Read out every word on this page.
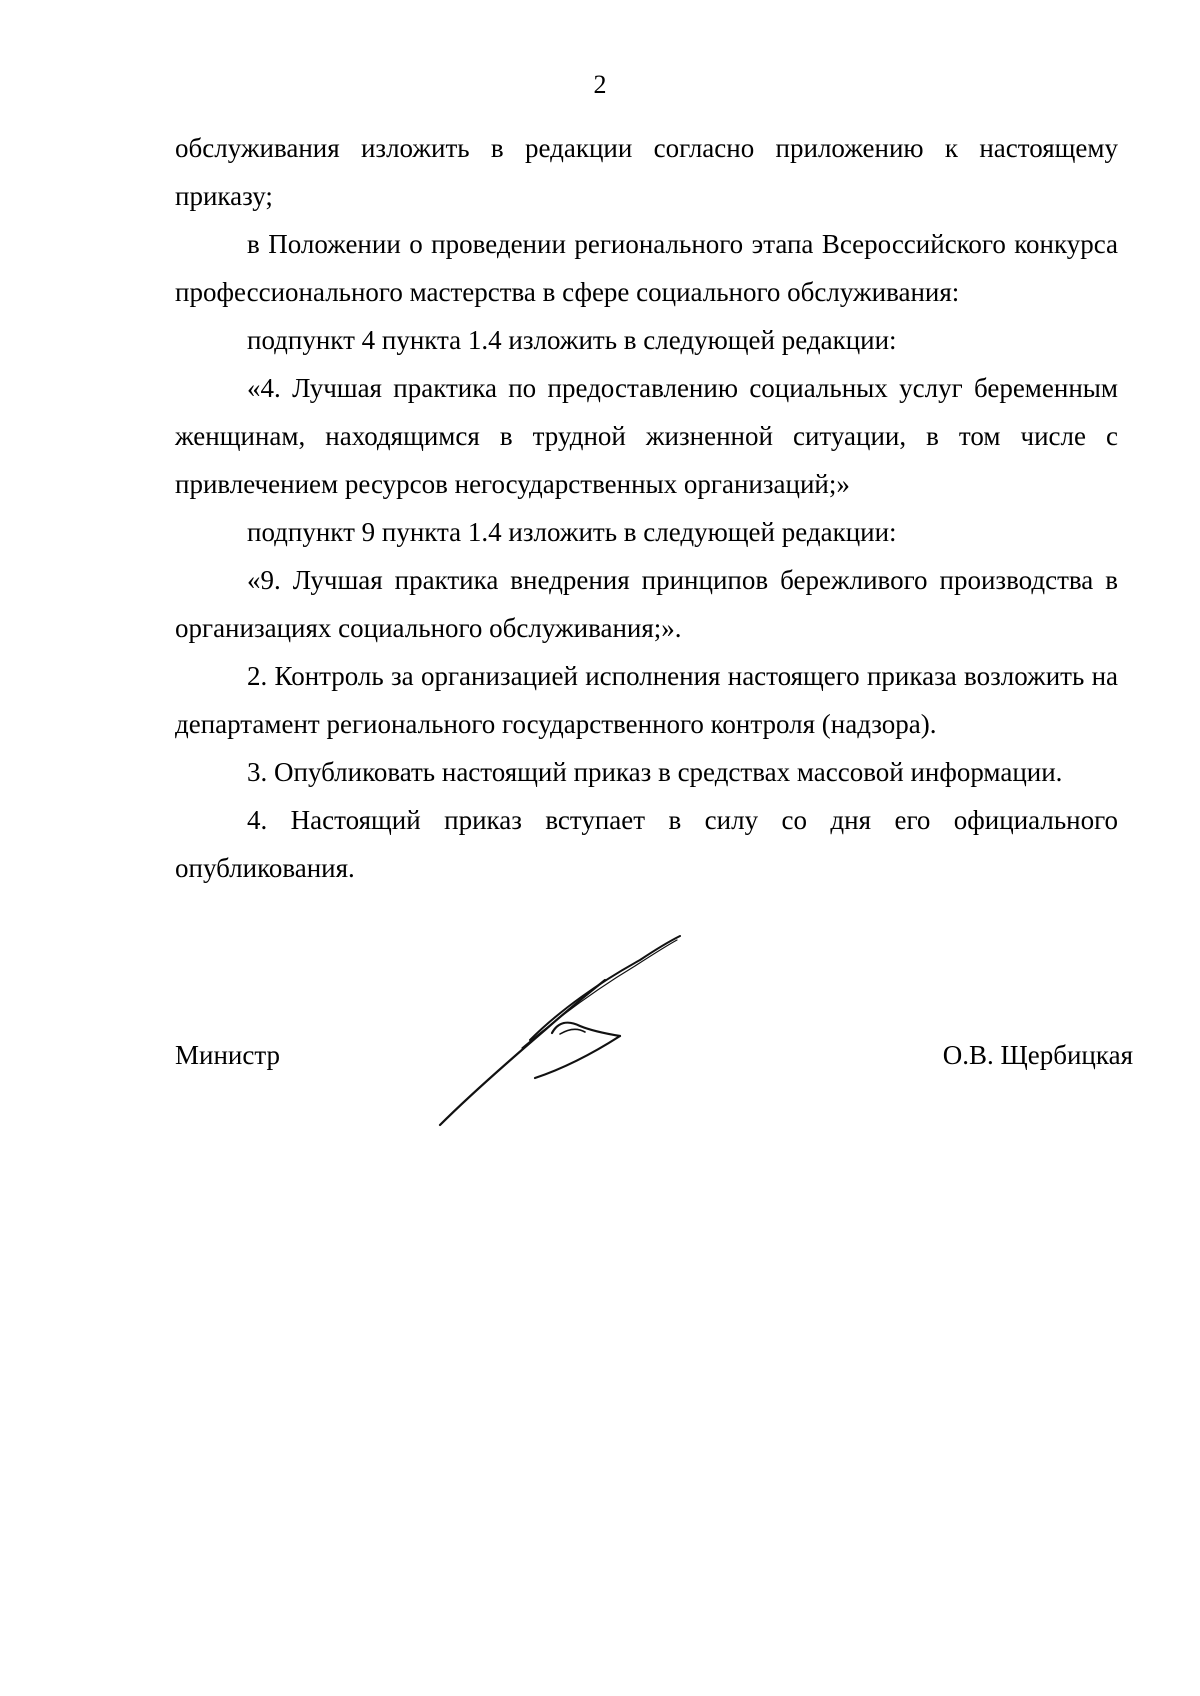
2

обслуживания изложить в редакции согласно приложению к настоящему приказу;

в Положении о проведении регионального этапа Всероссийского конкурса профессионального мастерства в сфере социального обслуживания:

подпункт 4 пункта 1.4 изложить в следующей редакции:

«4. Лучшая практика по предоставлению социальных услуг беременным женщинам, находящимся в трудной жизненной ситуации, в том числе с привлечением ресурсов негосударственных организаций;»

подпункт 9 пункта 1.4 изложить в следующей редакции:

«9. Лучшая практика внедрения принципов бережливого производства в организациях социального обслуживания;».

2. Контроль за организацией исполнения настоящего приказа возложить на департамент регионального государственного контроля (надзора).

3. Опубликовать настоящий приказ в средствах массовой информации.

4. Настоящий приказ вступает в силу со дня его официального опубликования.

Министр	О.В. Щербицкая
